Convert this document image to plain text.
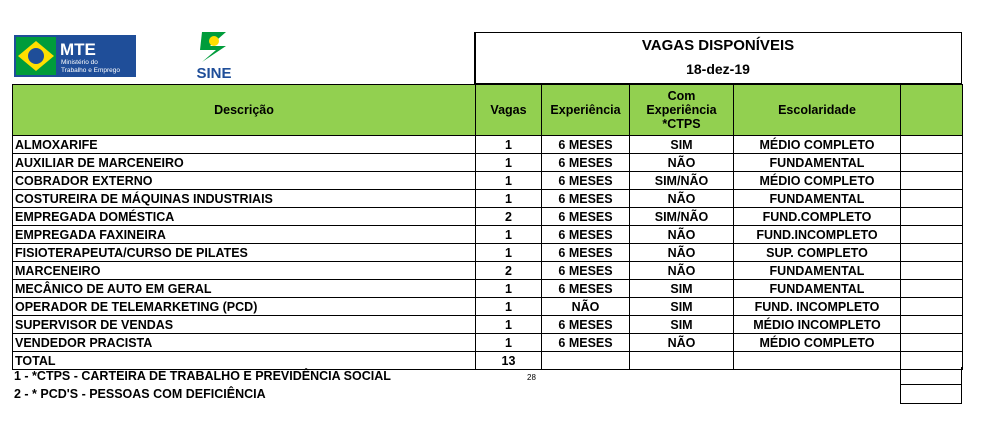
MTE
Ministério do
Trabalho e Emprego	SINE
VAGAS DISPONÍVEIS
18-dez-19
Descrição	Vagas	Experiência	Com Experiência *CTPS	Escolaridade	
ALMOXARIFE	1	6 MESES	SIM	MÉDIO COMPLETO	
AUXILIAR DE MARCENEIRO	1	6 MESES	NÃO	FUNDAMENTAL	
COBRADOR EXTERNO	1	6 MESES	SIM/NÃO	MÉDIO COMPLETO	
COSTUREIRA DE MÁQUINAS INDUSTRIAIS	1	6 MESES	NÃO	FUNDAMENTAL	
EMPREGADA DOMÉSTICA	2	6 MESES	SIM/NÃO	FUND.COMPLETO	
EMPREGADA FAXINEIRA	1	6 MESES	NÃO	FUND.INCOMPLETO	
FISIOTERAPEUTA/CURSO DE PILATES	1	6 MESES	NÃO	SUP. COMPLETO	
MARCENEIRO	2	6 MESES	NÃO	FUNDAMENTAL	
MECÂNICO DE AUTO EM GERAL	1	6 MESES	SIM	FUNDAMENTAL	
OPERADOR DE TELEMARKETING (PCD)	1	NÃO	SIM	FUND. INCOMPLETO	
SUPERVISOR DE VENDAS	1	6 MESES	SIM	MÉDIO INCOMPLETO	
VENDEDOR PRACISTA	1	6 MESES	NÃO	MÉDIO COMPLETO	
TOTAL	13				
1 - *CTPS - CARTEIRA DE TRABALHO E PREVIDÊNCIA SOCIAL
2 - * PCD'S - PESSOAS COM DEFICIÊNCIA
28
